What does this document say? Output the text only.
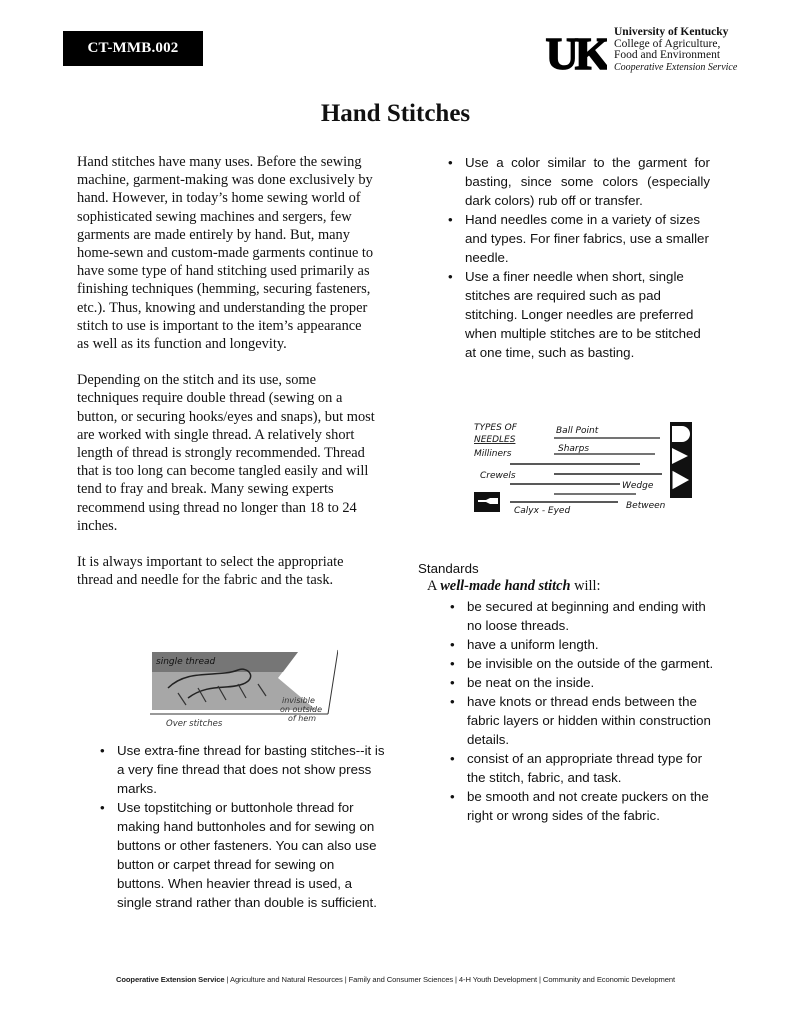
CT-MMB.002	UK University of Kentucky
College of Agriculture,
Food and Environment
Cooperative Extension Service
Hand Stitches

Hand stitches have many uses. Before the sewing machine, garment-making was done exclusively by hand. However, in today’s home sewing world of sophisticated sewing machines and sergers, few garments are made entirely by hand. But, many home-sewn and custom-made garments continue to have some type of hand stitching used primarily as finishing techniques (hemming, securing fasteners, etc.). Thus, knowing and understanding the proper stitch to use is important to the item’s appearance as well as its function and longevity.

Depending on the stitch and its use, some techniques require double thread (sewing on a button, or securing hooks/eyes and snaps), but most are worked with single thread. A relatively short length of thread is strongly recommended. Thread that is too long can become tangled easily and will tend to fray and break. Many sewing experts recommend using thread no longer than 18 to 24 inches.

It is always important to select the appropriate thread and needle for the fabric and the task.

single thread
Over stitches
invisible
on outside
of hem
• Use extra-fine thread for basting stitches--it is a very fine thread that does not show press marks.
• Use topstitching or buttonhole thread for making hand buttonholes and for sewing on buttons or other fasteners. You can also use button or carpet thread for sewing on buttons. When heavier thread is used, a single strand rather than double is sufficient.
• Use a color similar to the garment for basting, since some colors (especially dark colors) rub off or transfer.
• Hand needles come in a variety of sizes and types. For finer fabrics, use a smaller needle.
• Use a finer needle when short, single stitches are required such as pad stitching. Longer needles are preferred when multiple stitches are to be stitched at one time, such as basting.
TYPES OF
NEEDLES
Ball Point
Sharps
Milliners
Crewels
Wedge
Calyx - Eyed	Between
Standards
A well-made hand stitch will:
• be secured at beginning and ending with no loose threads.
• have a uniform length.
• be invisible on the outside of the garment.
• be neat on the inside.
• have knots or thread ends between the fabric layers or hidden within construction details.
• consist of an appropriate thread type for the stitch, fabric, and task.
• be smooth and not create puckers on the right or wrong sides of the fabric.
Cooperative Extension Service | Agriculture and Natural Resources | Family and Consumer Sciences | 4-H Youth Development | Community and Economic Development
